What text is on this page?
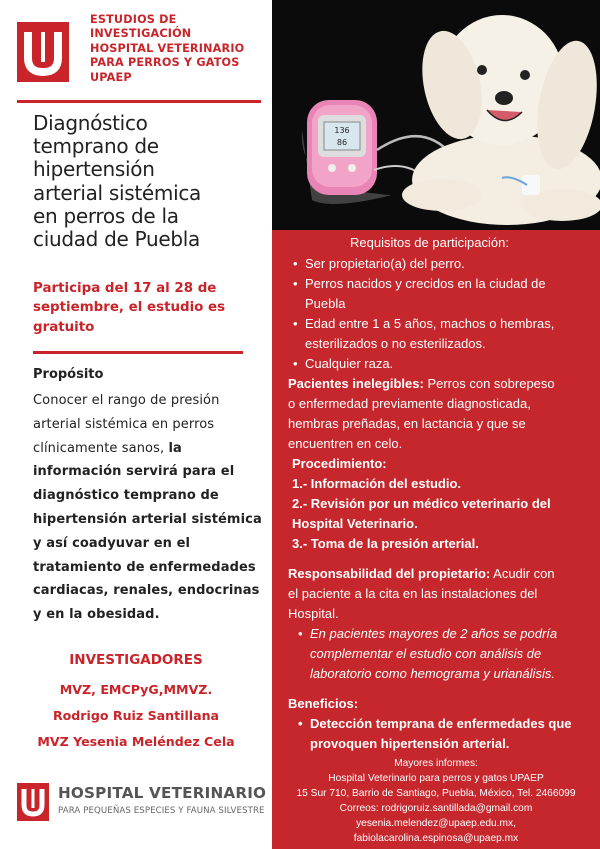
ESTUDIOS DE
INVESTIGACIÓN
HOSPITAL VETERINARIO
PARA PERROS Y GATOS
UPAEP
Diagnóstico
temprano de
hipertensión
arterial sistémica
en perros de la
ciudad de Puebla
Participa del 17 al 28 de
septiembre, el estudio es
gratuito
Propósito
Conocer el rango de presión
arterial sistémica en perros
clínicamente sanos, la
información servirá para el
diagnóstico temprano de
hipertensión arterial sistémica
y así coadyuvar en el
tratamiento de enfermedades
cardiacas, renales, endocrinas
y en la obesidad.
INVESTIGADORES
MVZ, EMCPyG,MMVZ.
Rodrigo Ruiz Santillana
MVZ Yesenia Meléndez Cela
HOSPITAL VETERINARIO
PARA PEQUEÑAS ESPECIES Y FAUNA SILVESTRE
136
86
Requisitos de participación:
• Ser propietario(a) del perro.
• Perros nacidos y crecidos en la ciudad de
Puebla
• Edad entre 1 a 5 años, machos o hembras,
esterilizados o no esterilizados.
• Cualquier raza.
Pacientes inelegibles: Perros con sobrepeso
o enfermedad previamente diagnosticada,
hembras preñadas, en lactancia y que se
encuentren en celo.
Procedimiento:
1.- Información del estudio.
2.- Revisión por un médico veterinario del
Hospital Veterinario.
3.- Toma de la presión arterial.
Responsabilidad del propietario: Acudir con
el paciente a la cita en las instalaciones del
Hospital.
• En pacientes mayores de 2 años se podría
complementar el estudio con análisis de
laboratorio como hemograma y urianálisis.
Beneficios:
• Detección temprana de enfermedades que
provoquen hipertensión arterial.
Mayores informes:
Hospital Veterinario para perros y gatos UPAEP
15 Sur 710, Barrio de Santiago, Puebla, México, Tel. 2466099
Correos: rodrigoruiz.santillada@gmail.com
yesenia.melendez@upaep.edu.mx,
fabiolacarolina.espinosa@upaep.mx
